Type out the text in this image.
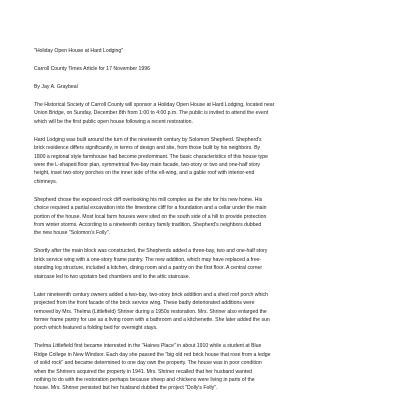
"Holiday Open House at Hard Lodging"

Carroll County Times Article for 17 November 1996

By Jay A. Graybeal

The Historical Society of Carroll County will sponsor a Holiday Open House at Hard Lodging, located near

Union Bridge, on Sunday, December 8th from 1:00 to 4:00 p.m. The public is invited to attend the event

which will be the first public open house following a recent restoration.

Hard Lodging was built around the turn of the nineteenth century by Solomon Shepherd. Shepherd's

brick residence differs significantly, in terms of design and site, from those built by his neighbors. By

1800 a regional style farmhouse had become predominant. The basic characteristics of this house type

were the L-shaped floor plan, symmetrical five-bay main facade, two-story or two and one-half story

height, inset two-story porches on the inner side of the ell-wing, and a gable roof with interior-end

chimneys.

Shepherd chose the exposed rock cliff overlooking his mill complex as the site for his new home. His

choice required a partial excavation into the limestone cliff for a foundation and a cellar under the main

portion of the house. Most local farm houses were sited on the south side of a hill to provide protection

from winter storms. According to a nineteenth century family tradition, Shepherd's neighbors dubbed

the new house "Solomon's Folly".

Shortly after the main block was constructed, the Shepherds added a three-bay, two and one-half story

brick service wing with a one-story frame pantry. The new addition, which may have replaced a free-

standing log structure, included a kitchen, dining room and a pantry on the first floor. A central corner

staircase led to two upstairs bed chambers and to the attic staircase.

Later nineteenth century owners added a two-bay, two-story brick addition and a shed roof porch which

projected from the front facade of the brick service wing. These badly deteriorated additions were

removed by Mrs. Thelma (Littlefield) Shriner during a 1950s restoration. Mrs. Shriner also enlarged the

former frame pantry for use as a living room with a bathroom and a kitchenette. She later added the sun

porch which featured a folding bed for overnight stays.

Thelma Littlefield first became interested in the "Haines Place" in about 1910 while a student at Blue

Ridge College in New Windsor. Each day she passed the "big old red brick house that rose from a ledge

of solid rock" and became determined to one day own the property. The house was in poor condition

when the Shriners acquired the property in 1941. Mrs. Shriner recalled that her husband wanted

nothing to do with the restoration perhaps because sheep and chickens were living in parts of the

house. Mrs. Shriner persisted but her husband dubbed the project "Dolly's Folly".
